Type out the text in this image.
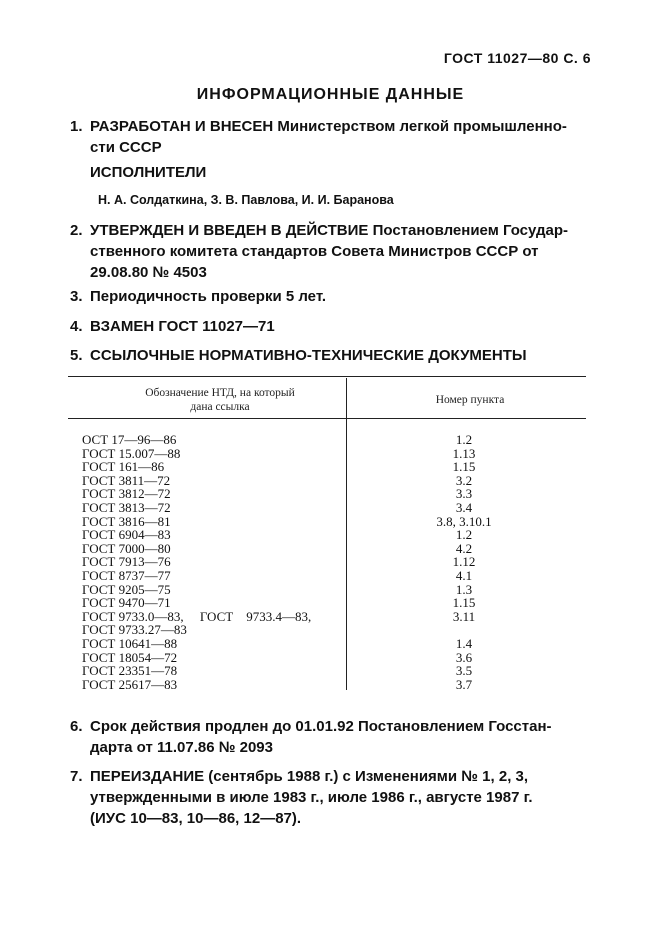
ГОСТ 11027—80 С. 6
ИНФОРМАЦИОННЫЕ ДАННЫЕ
1. РАЗРАБОТАН И ВНЕСЕН Министерством легкой промышленно-
сти СССР
ИСПОЛНИТЕЛИ
Н. А. Солдаткина, З. В. Павлова, И. И. Баранова
2. УТВЕРЖДЕН И ВВЕДЕН В ДЕЙСТВИЕ Постановлением Государ-
ственного комитета стандартов Совета Министров СССР от
29.08.80 № 4503
3. Периодичность проверки 5 лет.
4. ВЗАМЕН ГОСТ 11027—71
5. ССЫЛОЧНЫЕ НОРМАТИВНО-ТЕХНИЧЕСКИЕ ДОКУМЕНТЫ
Обозначение НТД, на который
дана ссылка
Номер пункта
ОСТ 17—96—86	1.2
ГОСТ 15.007—88	1.13
ГОСТ 161—86	1.15
ГОСТ 3811—72	3.2
ГОСТ 3812—72	3.3
ГОСТ 3813—72	3.4
ГОСТ 3816—81	3.8, 3.10.1
ГОСТ 6904—83	1.2
ГОСТ 7000—80	4.2
ГОСТ 7913—76	1.12
ГОСТ 8737—77	4.1
ГОСТ 9205—75	1.3
ГОСТ 9470—71	1.15
ГОСТ 9733.0—83,     ГОСТ    9733.4—83,	3.11
ГОСТ 9733.27—83
ГОСТ 10641—88	1.4
ГОСТ 18054—72	3.6
ГОСТ 23351—78	3.5
ГОСТ 25617—83	3.7
6. Срок действия продлен до 01.01.92 Постановлением Госстан-
дарта от 11.07.86 № 2093
7. ПЕРЕИЗДАНИЕ (сентябрь 1988 г.) с Изменениями № 1, 2, 3,
утвержденными в июле 1983 г., июле 1986 г., августе 1987 г.
(ИУС 10—83, 10—86, 12—87).
